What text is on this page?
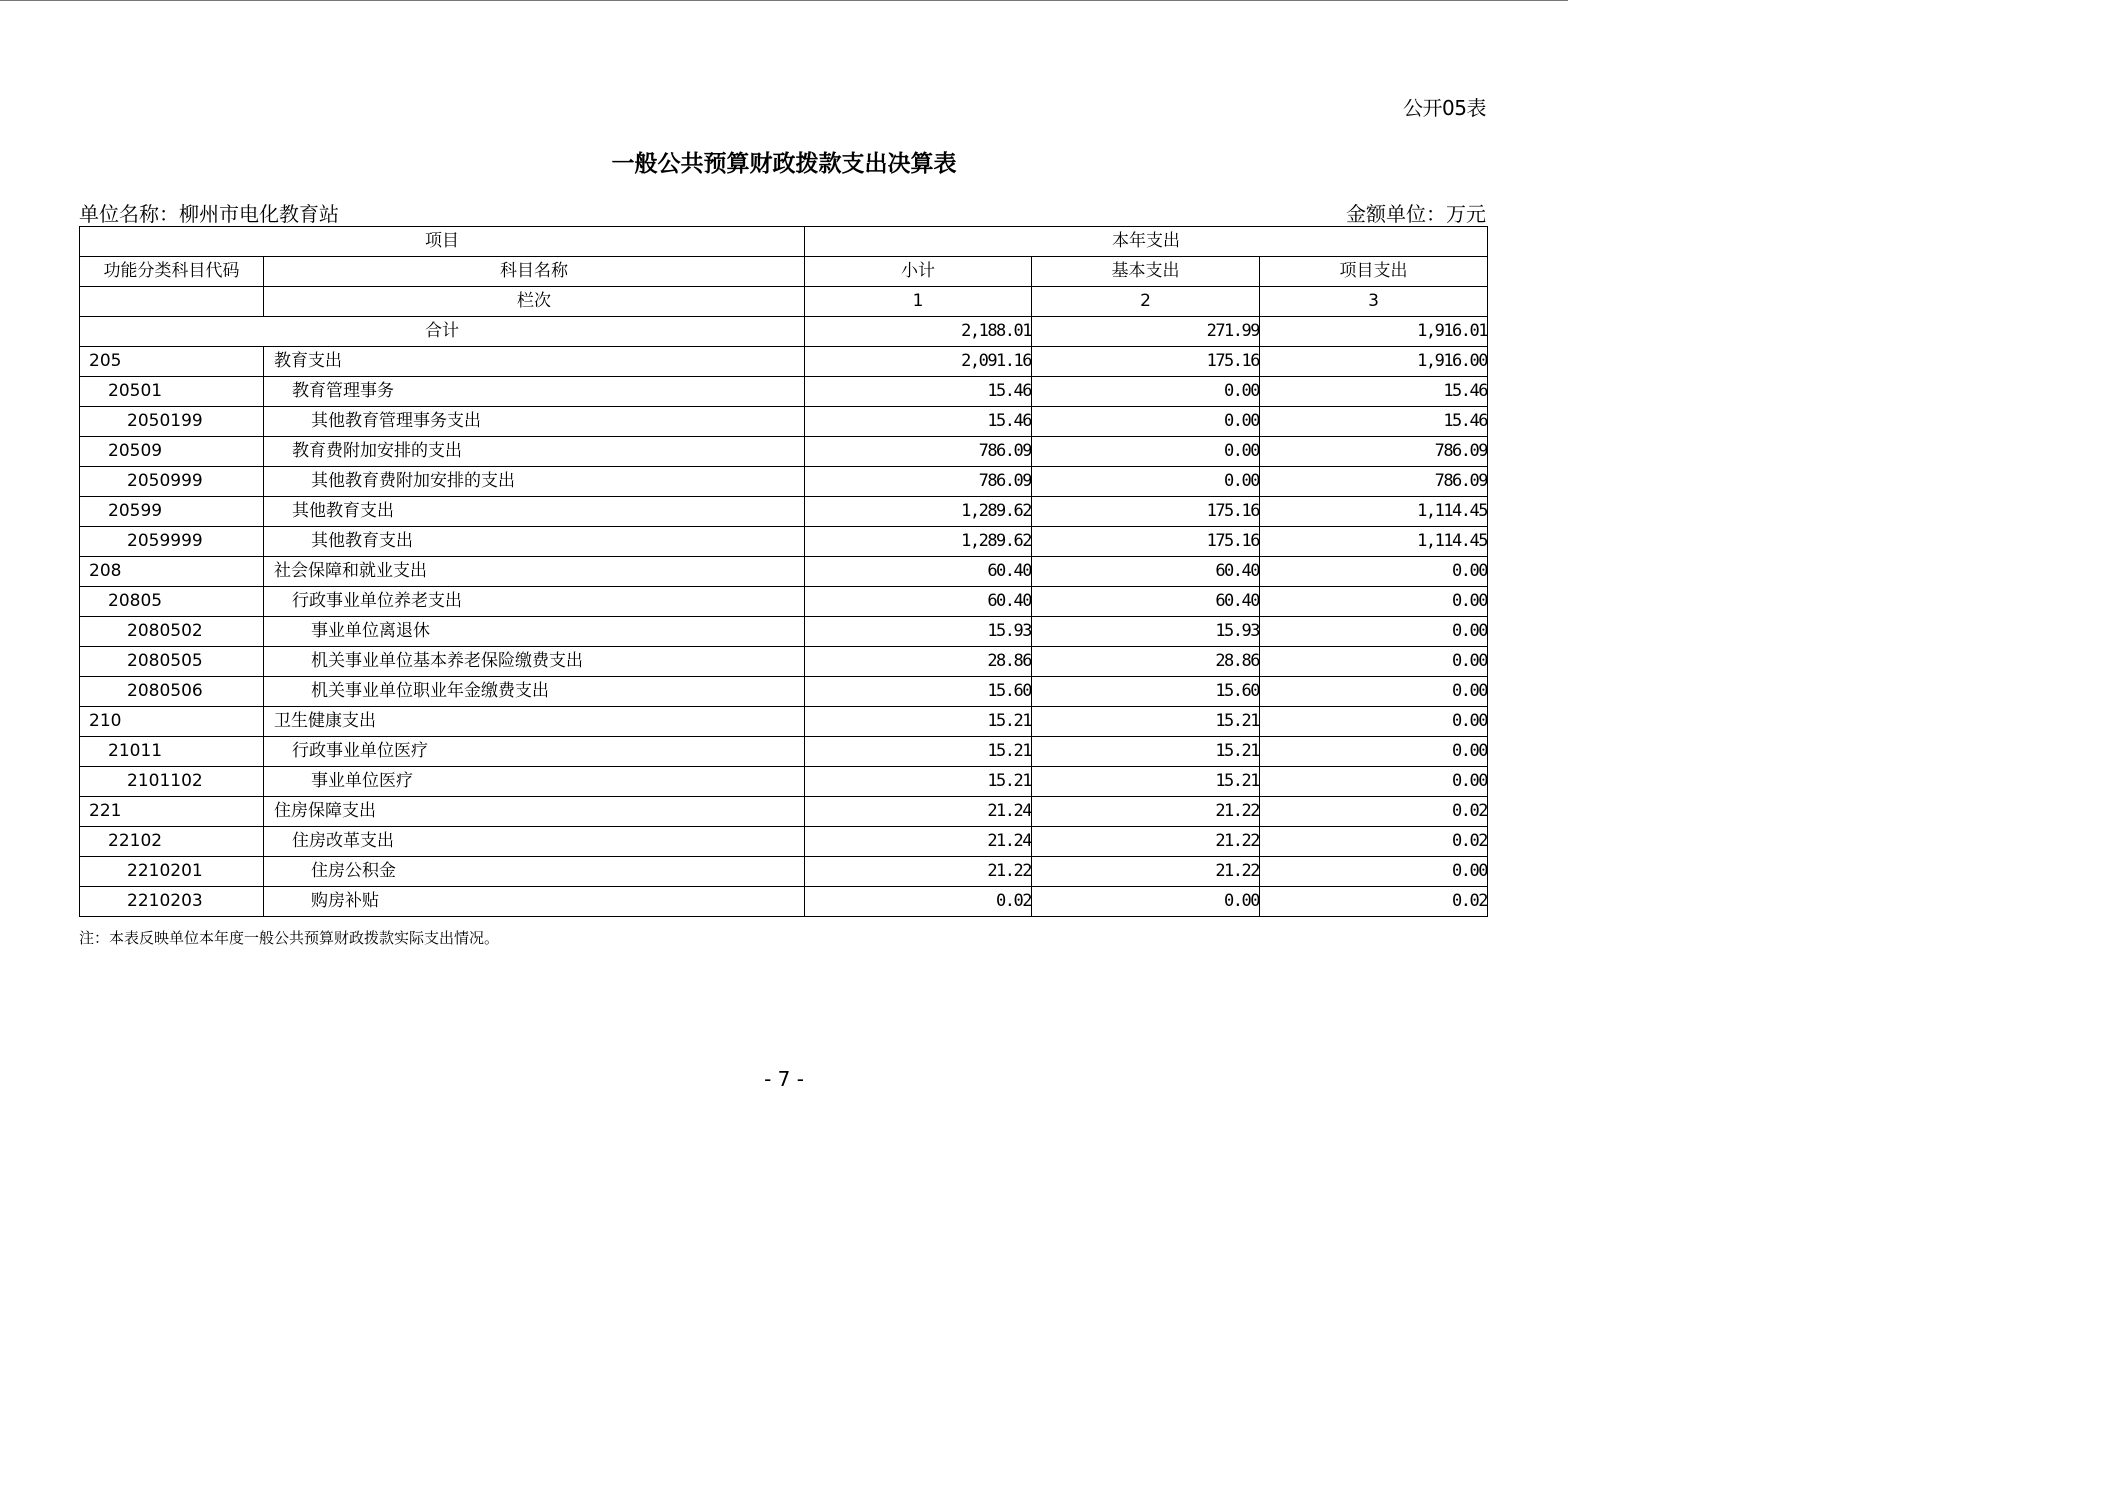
公开05表
一般公共预算财政拨款支出决算表
单位名称：柳州市电化教育站	金额单位：万元
项目		本年支出		
功能分类科目代码	科目名称	小计	基本支出	项目支出
	栏次	1	2	3
合计		2,188.01	271.99	1,916.01
205	教育支出	2,091.16	175.16	1,916.00
20501	教育管理事务	15.46	0.00	15.46
2050199	其他教育管理事务支出	15.46	0.00	15.46
20509	教育费附加安排的支出	786.09	0.00	786.09
2050999	其他教育费附加安排的支出	786.09	0.00	786.09
20599	其他教育支出	1,289.62	175.16	1,114.45
2059999	其他教育支出	1,289.62	175.16	1,114.45
208	社会保障和就业支出	60.40	60.40	0.00
20805	行政事业单位养老支出	60.40	60.40	0.00
2080502	事业单位离退休	15.93	15.93	0.00
2080505	机关事业单位基本养老保险缴费支出	28.86	28.86	0.00
2080506	机关事业单位职业年金缴费支出	15.60	15.60	0.00
210	卫生健康支出	15.21	15.21	0.00
21011	行政事业单位医疗	15.21	15.21	0.00
2101102	事业单位医疗	15.21	15.21	0.00
221	住房保障支出	21.24	21.22	0.02
22102	住房改革支出	21.24	21.22	0.02
2210201	住房公积金	21.22	21.22	0.00
2210203	购房补贴	0.02	0.00	0.02
注：本表反映单位本年度一般公共预算财政拨款实际支出情况。
- 7 -
